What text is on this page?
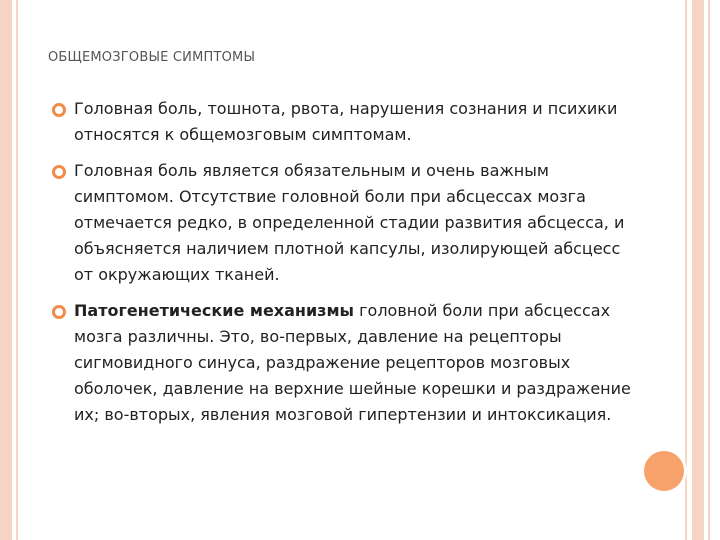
ОБЩЕМОЗГОВЫЕ СИМПТОМЫ
Головная боль, тошнота, рвота, нарушения сознания и психики относятся к общемозговым симптомам.
Головная боль является обязательным и очень важным симптомом. Отсутствие головной боли при абсцессах мозга отмечается редко, в определенной стадии развития абсцесса, и объясняется наличием плотной капсулы, изолирующей абсцесс от окружающих тканей.
Патогенетические механизмы головной боли при абсцессах мозга различны. Это, во-первых, давление на рецепторы сигмовидного синуса, раздражение рецепторов мозговых оболочек, давление на верхние шейные корешки и раздражение их; во-вторых, явления мозговой гипертензии и интоксикация.
